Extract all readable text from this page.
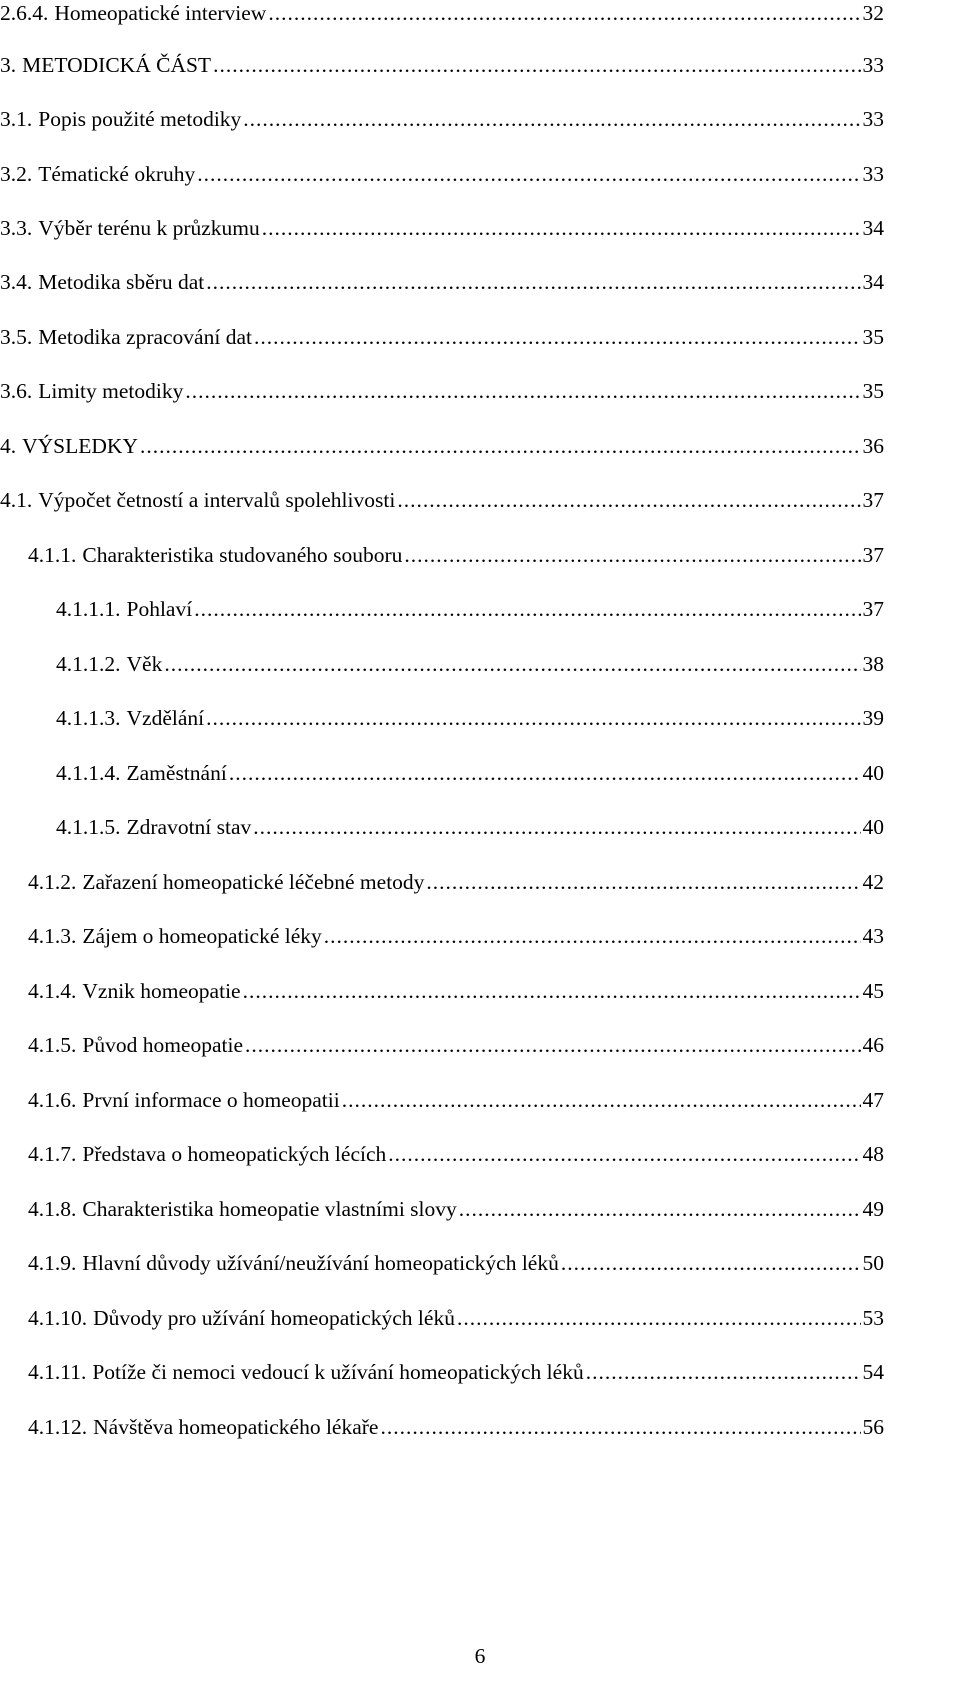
2.6.4. Homeopatické interview .....	32
3. METODICKÁ ČÁST .....	33
3.1. Popis použité metodiky .....	33
3.2. Tématické okruhy .....	33
3.3. Výběr terénu k průzkumu .....	34
3.4. Metodika sběru dat .....	34
3.5. Metodika zpracování dat .....	35
3.6. Limity metodiky .....	35
4. VÝSLEDKY .....	36
4.1. Výpočet četností a intervalů spolehlivosti .....	37
4.1.1. Charakteristika studovaného souboru .....	37
4.1.1.1. Pohlaví .....	37
4.1.1.2. Věk .....	38
4.1.1.3. Vzdělání .....	39
4.1.1.4. Zaměstnání .....	40
4.1.1.5. Zdravotní stav .....	40
4.1.2. Zařazení homeopatické léčebné metody .....	42
4.1.3. Zájem o homeopatické léky .....	43
4.1.4. Vznik homeopatie .....	45
4.1.5. Původ homeopatie .....	46
4.1.6. První informace o homeopatii .....	47
4.1.7. Představa o homeopatických lécích .....	48
4.1.8. Charakteristika homeopatie vlastními slovy .....	49
4.1.9. Hlavní důvody užívání/neužívání homeopatických léků .....	50
4.1.10. Důvody pro užívání homeopatických léků .....	53
4.1.11. Potíže či nemoci vedoucí k užívání homeopatických léků .....	54
4.1.12. Návštěva homeopatického lékaře .....	56
6
